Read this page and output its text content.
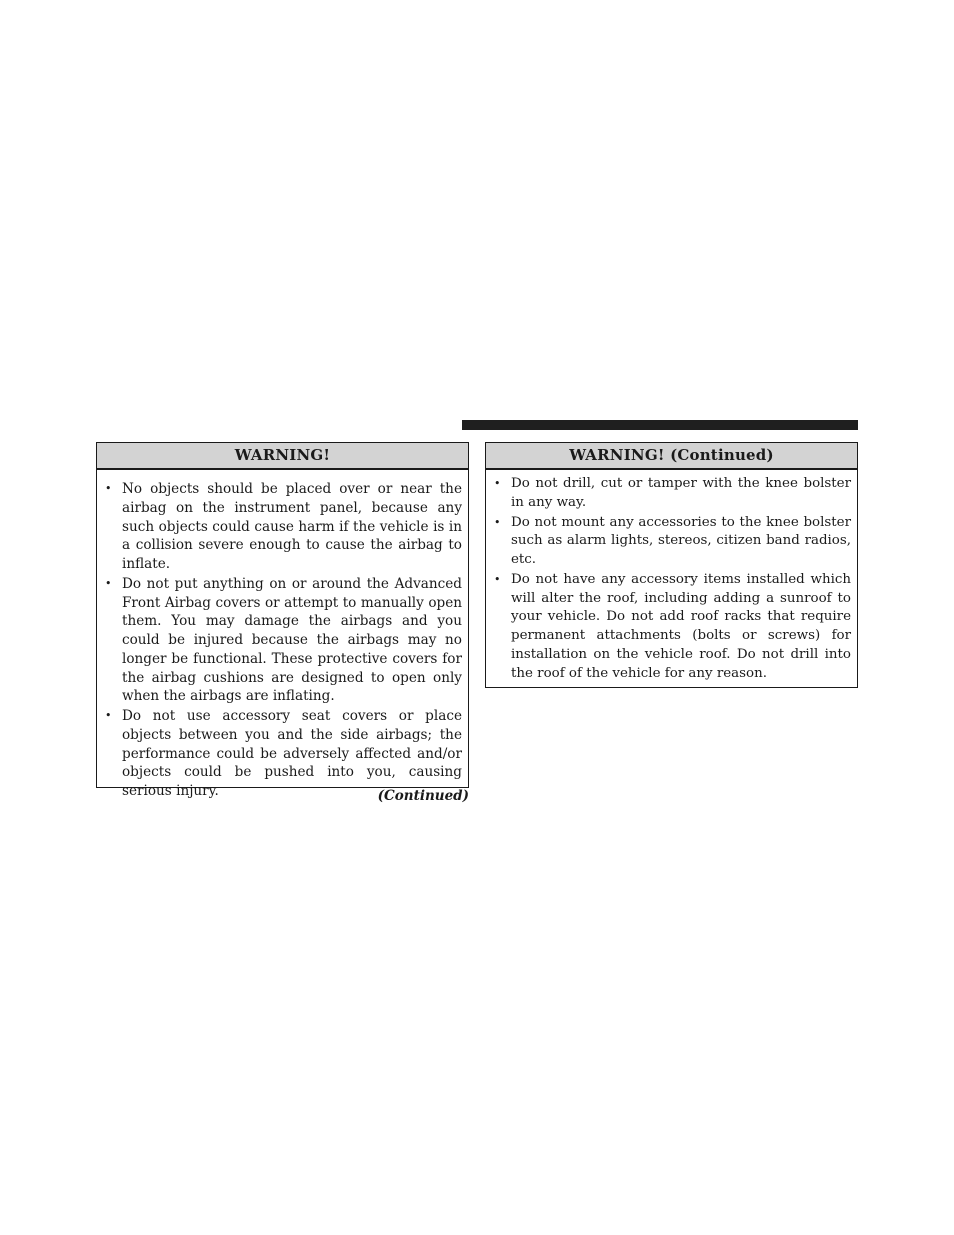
WARNING!
• No objects should be placed over or near the airbag on the instrument panel, because any such objects could cause harm if the vehicle is in a collision severe enough to cause the airbag to inflate.
• Do not put anything on or around the Advanced Front Airbag covers or attempt to manually open them. You may damage the airbags and you could be injured because the airbags may no longer be functional. These protective covers for the airbag cushions are designed to open only when the airbags are inflating.
• Do not use accessory seat covers or place objects between you and the side airbags; the performance could be adversely affected and/or objects could be pushed into you, causing serious injury.	(Continued)
WARNING! (Continued)
• Do not drill, cut or tamper with the knee bolster in any way.
• Do not mount any accessories to the knee bolster such as alarm lights, stereos, citizen band radios, etc.
• Do not have any accessory items installed which will alter the roof, including adding a sunroof to your vehicle. Do not add roof racks that require permanent attachments (bolts or screws) for installation on the vehicle roof. Do not drill into the roof of the vehicle for any reason.
